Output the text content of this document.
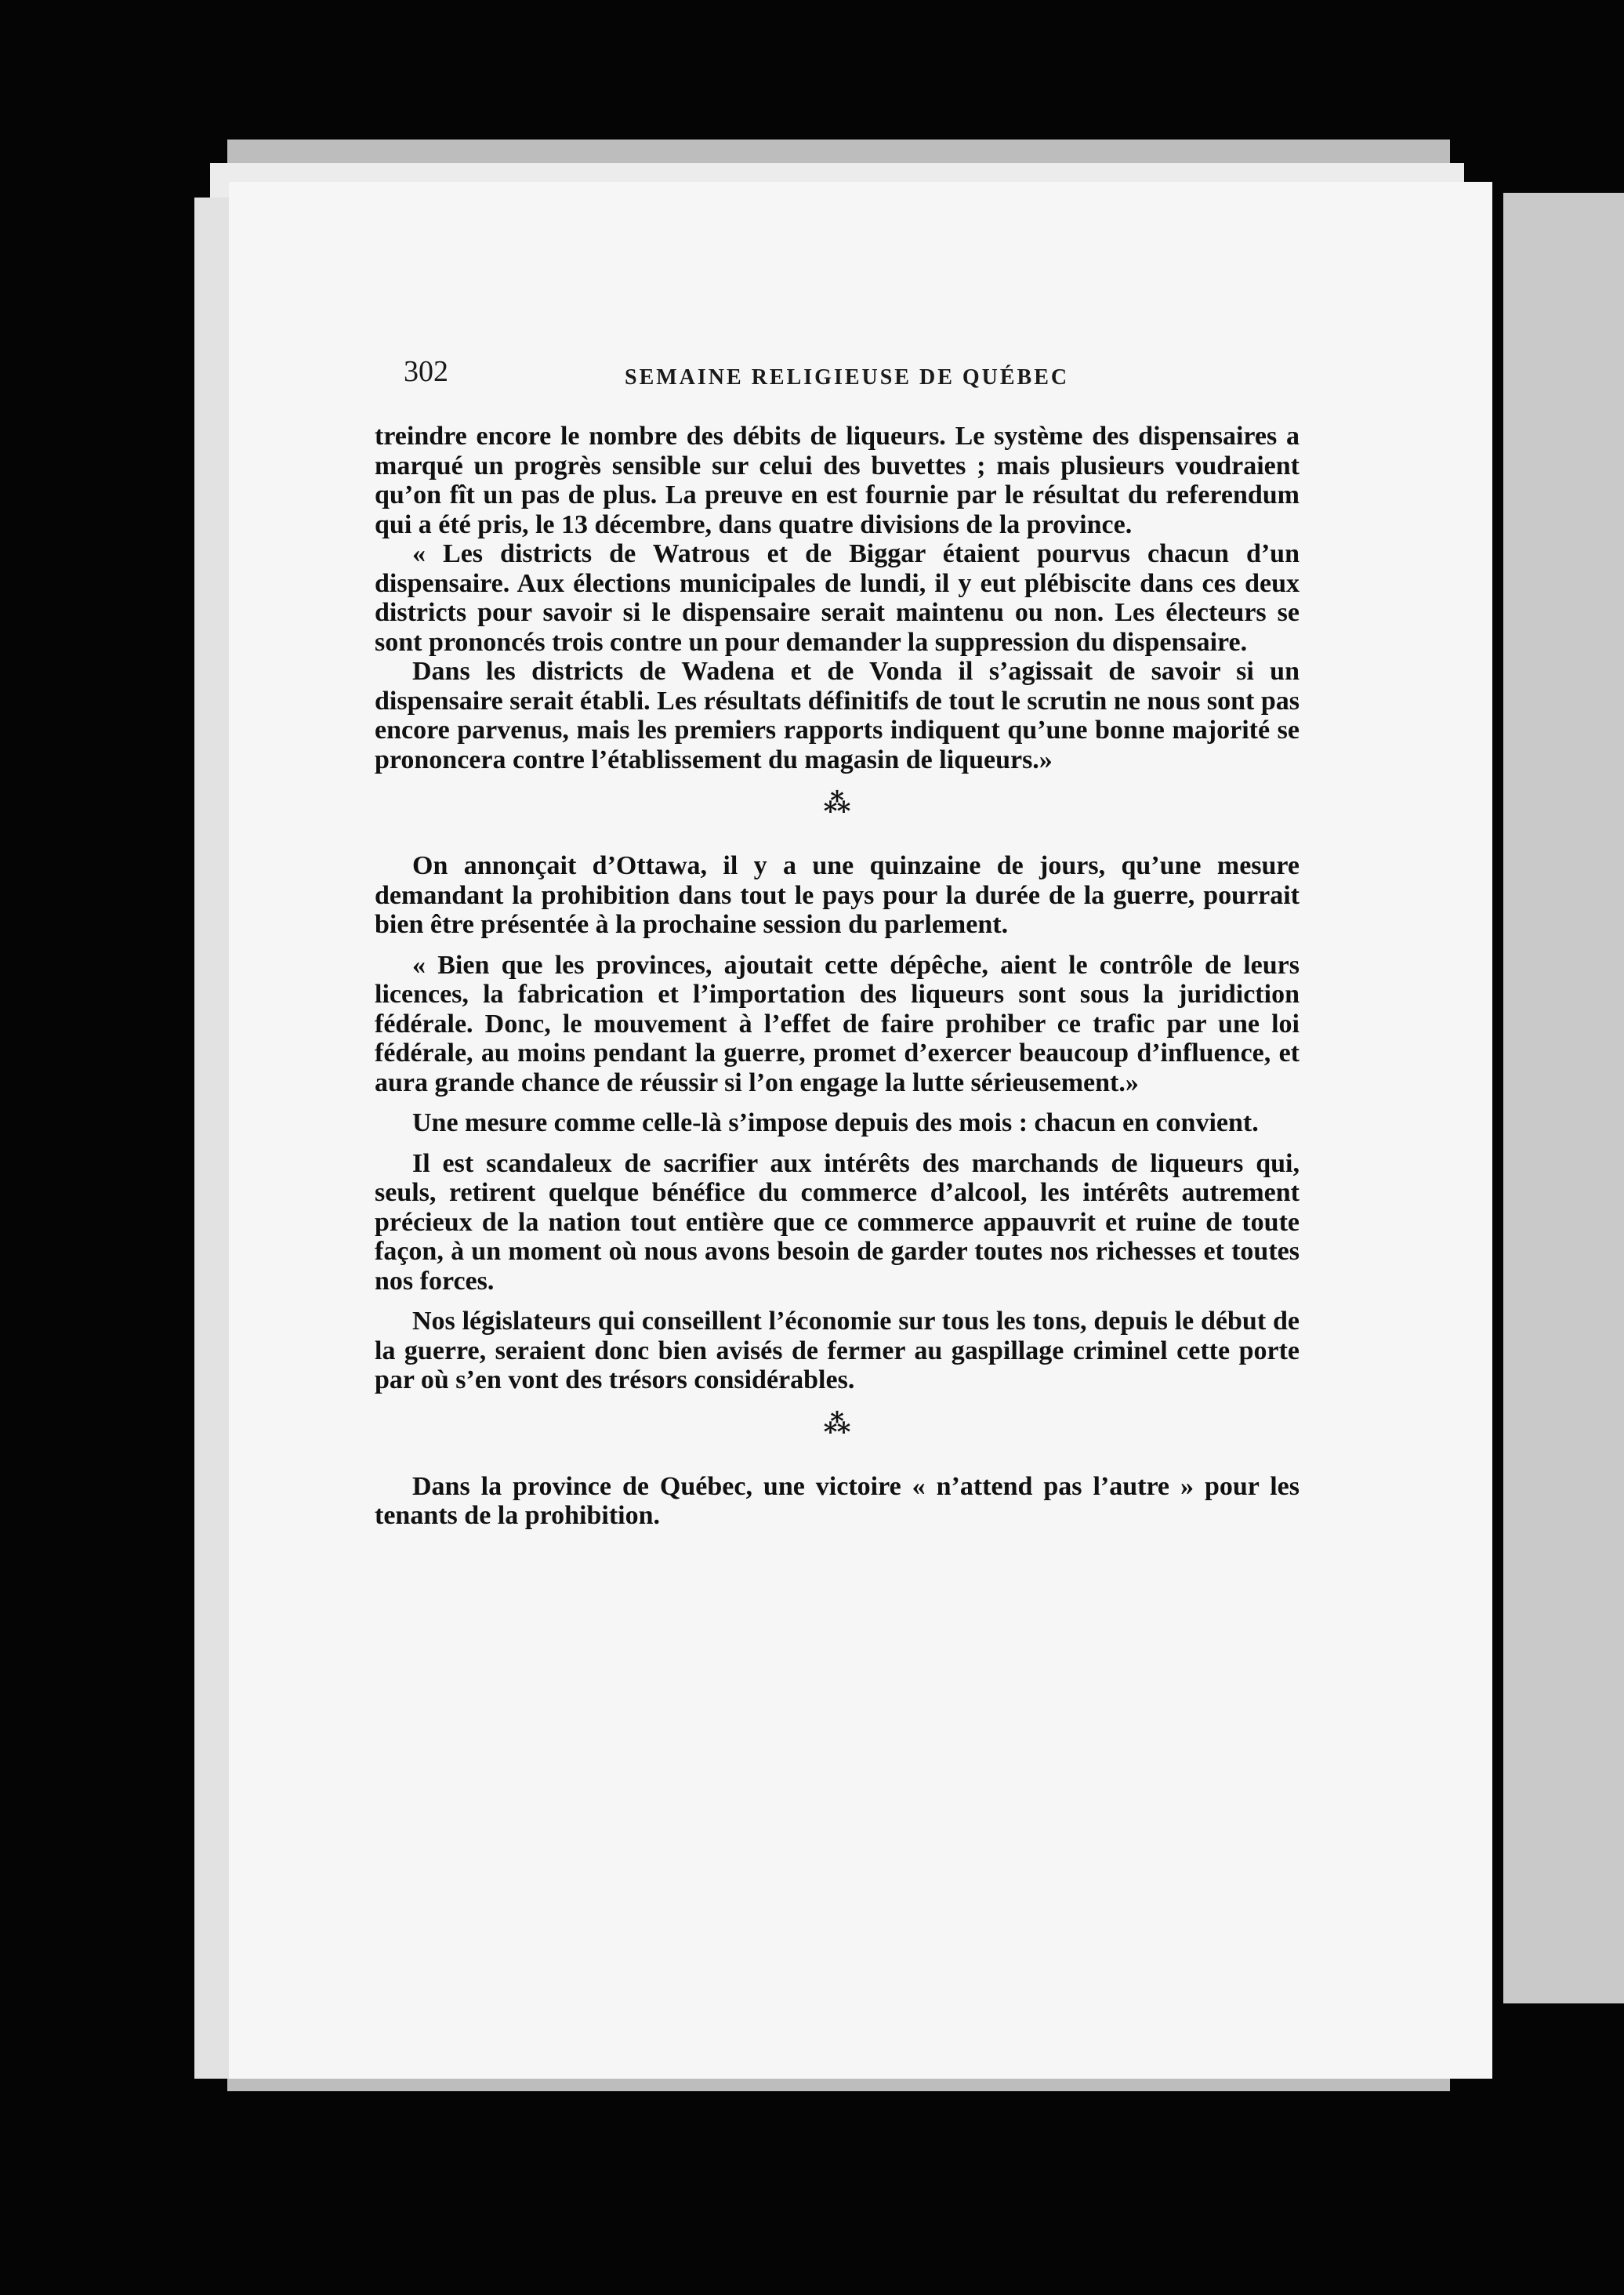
302	SEMAINE RELIGIEUSE DE QUÉBEC

treindre encore le nombre des débits de liqueurs. Le système des dispensaires a marqué un progrès sensible sur celui des buvettes ; mais plusieurs voudraient qu’on fît un pas de plus. La preuve en est fournie par le résultat du referendum qui a été pris, le 13 décembre, dans quatre divisions de la province.

« Les districts de Watrous et de Biggar étaient pourvus chacun d’un dispensaire. Aux élections municipales de lundi, il y eut plébiscite dans ces deux districts pour savoir si le dispensaire serait maintenu ou non. Les électeurs se sont prononcés trois contre un pour demander la suppression du dispensaire.

Dans les districts de Wadena et de Vonda il s’agissait de savoir si un dispensaire serait établi. Les résultats définitifs de tout le scrutin ne nous sont pas encore parvenus, mais les premiers rapports indiquent qu’une bonne majorité se prononcera contre l’établissement du magasin de liqueurs.»

⁂

On annonçait d’Ottawa, il y a une quinzaine de jours, qu’une mesure demandant la prohibition dans tout le pays pour la durée de la guerre, pourrait bien être présentée à la prochaine session du parlement.

« Bien que les provinces, ajoutait cette dépêche, aient le contrôle de leurs licences, la fabrication et l’importation des liqueurs sont sous la juridiction fédérale. Donc, le mouvement à l’effet de faire prohiber ce trafic par une loi fédérale, au moins pendant la guerre, promet d’exercer beaucoup d’influence, et aura grande chance de réussir si l’on engage la lutte sérieusement.»

Une mesure comme celle-là s’impose depuis des mois : chacun en convient.

Il est scandaleux de sacrifier aux intérêts des marchands de liqueurs qui, seuls, retirent quelque bénéfice du commerce d’alcool, les intérêts autrement précieux de la nation tout entière que ce commerce appauvrit et ruine de toute façon, à un moment où nous avons besoin de garder toutes nos richesses et toutes nos forces.

Nos législateurs qui conseillent l’économie sur tous les tons, depuis le début de la guerre, seraient donc bien avisés de fermer au gaspillage criminel cette porte par où s’en vont des trésors considérables.

⁂

Dans la province de Québec, une victoire « n’attend pas l’autre » pour les tenants de la prohibition.
